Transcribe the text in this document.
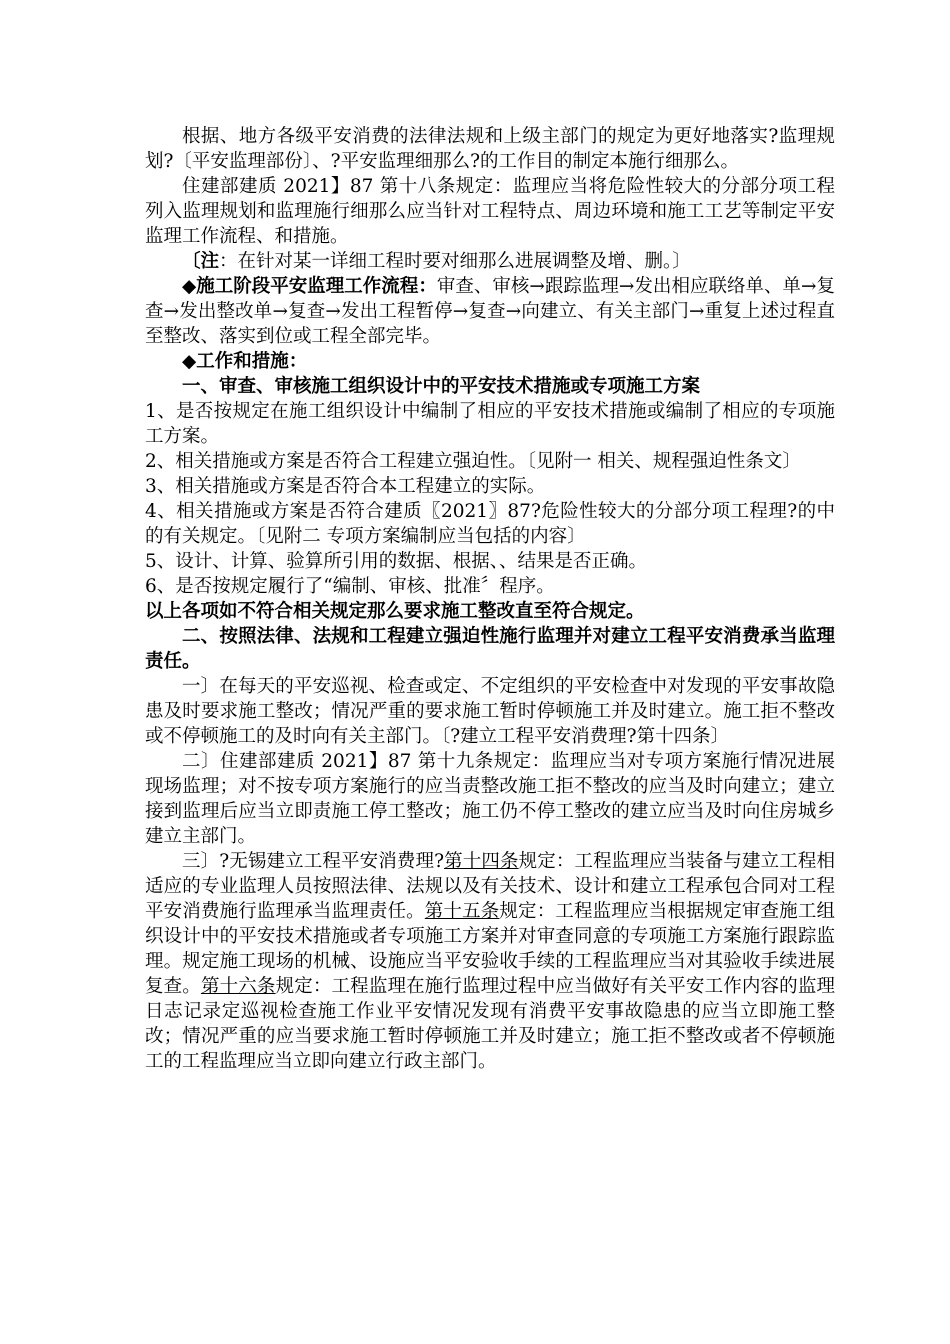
根据、地方各级平安消费的法律法规和上级主部门的规定为更好地落实?监理规划?〔平安监理部份〕、?平安监理细那么?的工作目的制定本施行细那么。

住建部建质 2021】87 第十八条规定：监理应当将危险性较大的分部分项工程列入监理规划和监理施行细那么应当针对工程特点、周边环境和施工工艺等制定平安监理工作流程、和措施。

〔注：在针对某一详细工程时要对细那么进展调整及增、删。〕

◆施工阶段平安监理工作流程：审查、审核→跟踪监理→发出相应联络单、单→复查→发出整改单→复查→发出工程暂停→复查→向建立、有关主部门→重复上述过程直至整改、落实到位或工程全部完毕。

◆工作和措施：

一、审查、审核施工组织设计中的平安技术措施或专项施工方案

1、是否按规定在施工组织设计中编制了相应的平安技术措施或编制了相应的专项施工方案。

2、相关措施或方案是否符合工程建立强迫性。〔见附一 相关、规程强迫性条文〕

3、相关措施或方案是否符合本工程建立的实际。

4、相关措施或方案是否符合建质〖2021〗87?危险性较大的分部分项工程理?的中的有关规定。〔见附二 专项方案编制应当包括的内容〕

5、设计、计算、验算所引用的数据、根据、、结果是否正确。

6、是否按规定履行了“编制、审核、批准〞程序。

以上各项如不符合相关规定那么要求施工整改直至符合规定。

二、按照法律、法规和工程建立强迫性施行监理并对建立工程平安消费承当监理责任。

一〕在每天的平安巡视、检查或定、不定组织的平安检查中对发现的平安事故隐患及时要求施工整改；情况严重的要求施工暂时停顿施工并及时建立。施工拒不整改或不停顿施工的及时向有关主部门。〔?建立工程平安消费理?第十四条〕

二〕住建部建质 2021】87 第十九条规定：监理应当对专项方案施行情况进展现场监理；对不按专项方案施行的应当责整改施工拒不整改的应当及时向建立；建立接到监理后应当立即责施工停工整改；施工仍不停工整改的建立应当及时向住房城乡建立主部门。

三〕?无锡建立工程平安消费理?第十四条规定：工程监理应当装备与建立工程相适应的专业监理人员按照法律、法规以及有关技术、设计和建立工程承包合同对工程平安消费施行监理承当监理责任。第十五条规定：工程监理应当根据规定审查施工组织设计中的平安技术措施或者专项施工方案并对审查同意的专项施工方案施行跟踪监理。规定施工现场的机械、设施应当平安验收手续的工程监理应当对其验收手续进展复查。第十六条规定：工程监理在施行监理过程中应当做好有关平安工作内容的监理日志记录定巡视检查施工作业平安情况发现有消费平安事故隐患的应当立即施工整改；情况严重的应当要求施工暂时停顿施工并及时建立；施工拒不整改或者不停顿施工的工程监理应当立即向建立行政主部门。
